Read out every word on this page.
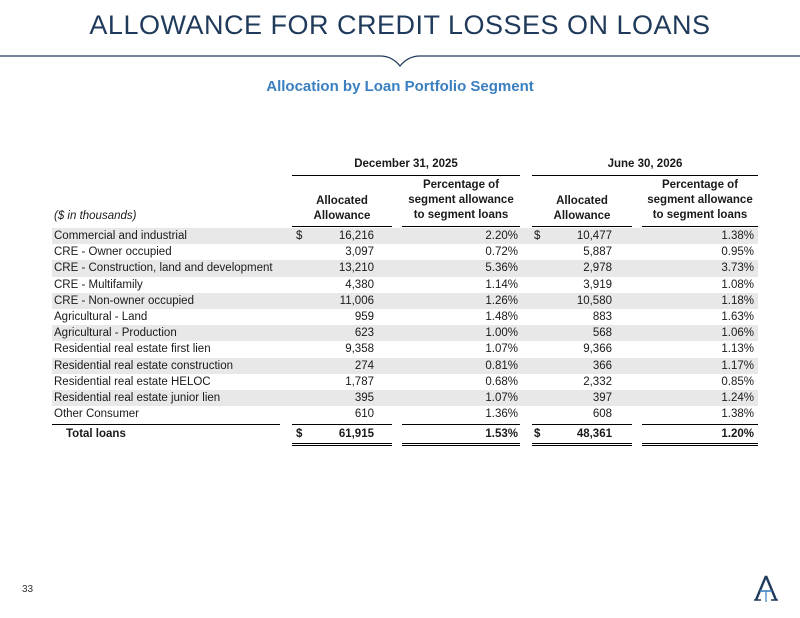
ALLOWANCE FOR CREDIT LOSSES ON LOANS
Allocation by Loan Portfolio Segment
December 31, 2025	June 30, 2026
Allocated
Allowance
Percentage of
segment allowance
to segment loans
Allocated
Allowance
Percentage of
segment allowance
to segment loans
($ in thousands)
Commercial and industrial	$	16,216	2.20% $	10,477	1.38%
CRE - Owner occupied	3,097	0.72%	5,887	0.95%
CRE - Construction, land and development	13,210	5.36%	2,978	3.73%
CRE - Multifamily	4,380	1.14%	3,919	1.08%
CRE - Non-owner occupied	11,006	1.26%	10,580	1.18%
Agricultural - Land	959	1.48%	883	1.63%
Agricultural - Production	623	1.00%	568	1.06%
Residential real estate first lien	9,358	1.07%	9,366	1.13%
Residential real estate construction	274	0.81%	366	1.17%
Residential real estate HELOC	1,787	0.68%	2,332	0.85%
Residential real estate junior lien	395	1.07%	397	1.24%
Other Consumer	610	1.36%	608	1.38%
Total loans	$	61,915	1.53% $	48,361	1.20%
33
